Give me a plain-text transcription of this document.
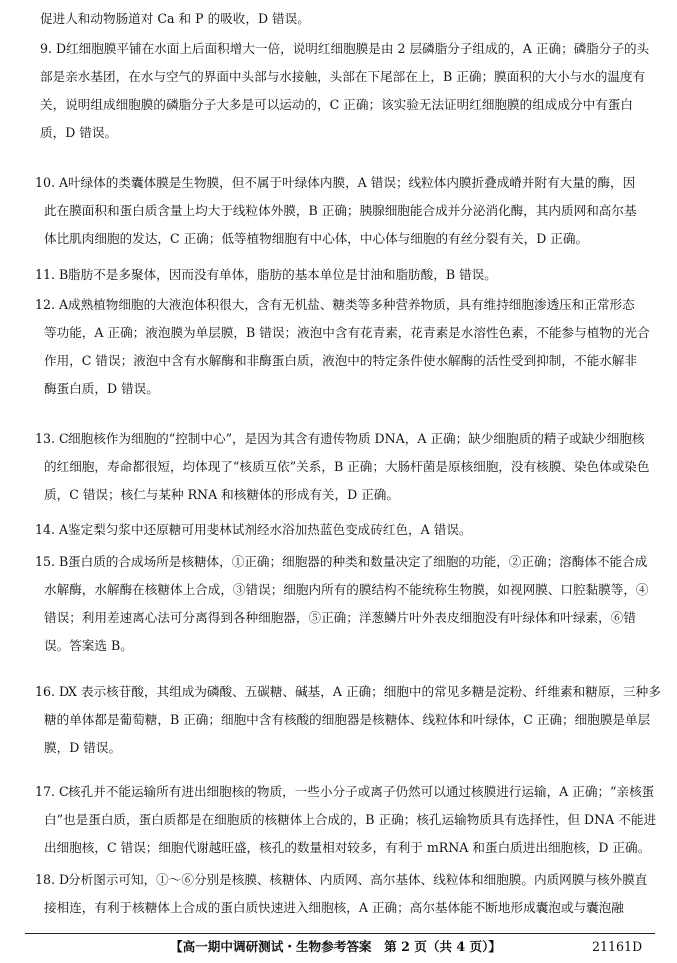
促进人和动物肠道对 Ca 和 P 的吸收，D 错误。
9. D 红细胞膜平铺在水面上后面积增大一倍，说明红细胞膜是由 2 层磷脂分子组成的，A 正确；磷脂分子的头
部是亲水基团，在水与空气的界面中头部与水接触，头部在下尾部在上，B 正确；膜面积的大小与水的温度有
关，说明组成细胞膜的磷脂分子大多是可以运动的，C 正确；该实验无法证明红细胞膜的组成成分中有蛋白
质，D 错误。
10. A 叶绿体的类囊体膜是生物膜，但不属于叶绿体内膜，A 错误；线粒体内膜折叠成嵴并附有大量的酶，因
此在膜面积和蛋白质含量上均大于线粒体外膜，B 正确；胰腺细胞能合成并分泌消化酶，其内质网和高尔基
体比肌肉细胞的发达，C 正确；低等植物细胞有中心体，中心体与细胞的有丝分裂有关，D 正确。
11. B 脂肪不是多聚体，因而没有单体，脂肪的基本单位是甘油和脂肪酸，B 错误。
12. A 成熟植物细胞的大液泡体积很大，含有无机盐、糖类等多种营养物质，具有维持细胞渗透压和正常形态
等功能，A 正确；液泡膜为单层膜，B 错误；液泡中含有花青素，花青素是水溶性色素，不能参与植物的光合
作用，C 错误；液泡中含有水解酶和非酶蛋白质，液泡中的特定条件使水解酶的活性受到抑制，不能水解非
酶蛋白质，D 错误。
13. C 细胞核作为细胞的“控制中心”，是因为其含有遗传物质 DNA，A 正确；缺少细胞质的精子或缺少细胞核
的红细胞，寿命都很短，均体现了“核质互依”关系，B 正确；大肠杆菌是原核细胞，没有核膜、染色体或染色
质，C 错误；核仁与某种 RNA 和核糖体的形成有关，D 正确。
14. A 鉴定梨匀浆中还原糖可用斐林试剂经水浴加热蓝色变成砖红色，A 错误。
15. B 蛋白质的合成场所是核糖体，①正确；细胞器的种类和数量决定了细胞的功能，②正确；溶酶体不能合成
水解酶，水解酶在核糖体上合成，③错误；细胞内所有的膜结构不能统称生物膜，如视网膜、口腔黏膜等，④
错误；利用差速离心法可分离得到各种细胞器，⑤正确；洋葱鳞片叶外表皮细胞没有叶绿体和叶绿素，⑥错
误。答案选 B。
16. D
X 表示核苷酸，其组成为磷酸、五碳糖、碱基，A 正确；细胞中的常见多糖是淀粉、纤维素和糖原，三种多
糖的单体都是葡萄糖，B 正确；细胞中含有核酸的细胞器是核糖体、线粒体和叶绿体，C 正确；细胞膜是单层
膜，D 错误。
17. C 核孔并不能运输所有进出细胞核的物质，一些小分子或离子仍然可以通过核膜进行运输，A 正确；“亲核蛋
白”也是蛋白质，蛋白质都是在细胞质的核糖体上合成的，B 正确；核孔运输物质具有选择性，但 DNA 不能进
出细胞核，C 错误；细胞代谢越旺盛，核孔的数量相对较多，有利于 mRNA 和蛋白质进出细胞核，D 正确。
18. D
分析图示可知，①～⑥分别是核膜、核糖体、内质网、高尔基体、线粒体和细胞膜。内质网膜与核外膜直
接相连，有利于核糖体上合成的蛋白质快速进入细胞核，A 正确；高尔基体能不断地形成囊泡或与囊泡融
【高一期中调研测试・生物参考答案　第 2 页（共 4 页）】	21161D
